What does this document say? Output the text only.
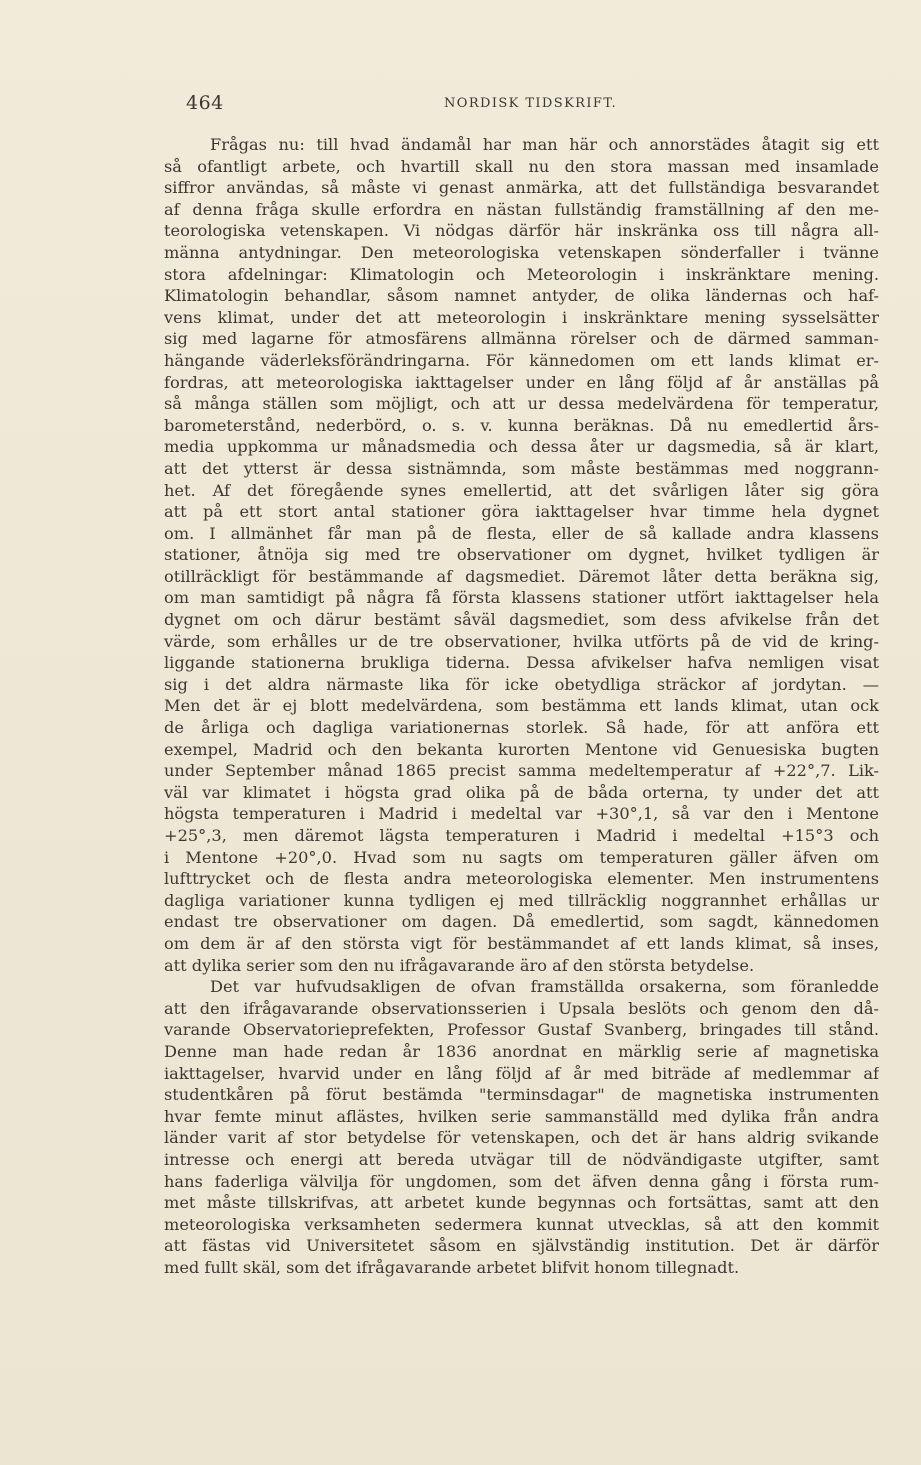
464	NORDISK TIDSKRIFT.
Frågas nu: till hvad ändamål har man här och annorstädes åtagit sig ett
så ofantligt arbete, och hvartill skall nu den stora massan med insamlade
siffror användas, så måste vi genast anmärka, att det fullständiga besvarandet
af denna fråga skulle erfordra en nästan fullständig framställning af den me-
teorologiska vetenskapen. Vi nödgas därför här inskränka oss till några all-
männa antydningar. Den meteorologiska vetenskapen sönderfaller i tvänne
stora afdelningar: Klimatologin och Meteorologin i inskränktare mening.
Klimatologin behandlar, såsom namnet antyder, de olika ländernas och haf-
vens klimat, under det att meteorologin i inskränktare mening sysselsätter
sig med lagarne för atmosfärens allmänna rörelser och de därmed samman-
hängande väderleksförändringarna. För kännedomen om ett lands klimat er-
fordras, att meteorologiska iakttagelser under en lång följd af år anställas på
så många ställen som möjligt, och att ur dessa medelvärdena för temperatur,
barometerstånd, nederbörd, o. s. v. kunna beräknas. Då nu emedlertid års-
media uppkomma ur månadsmedia och dessa åter ur dagsmedia, så är klart,
att det ytterst är dessa sistnämnda, som måste bestämmas med noggrann-
het. Af det föregående synes emellertid, att det svårligen låter sig göra
att på ett stort antal stationer göra iakttagelser hvar timme hela dygnet
om. I allmänhet får man på de flesta, eller de så kallade andra klassens
stationer, åtnöja sig med tre observationer om dygnet, hvilket tydligen är
otillräckligt för bestämmande af dagsmediet. Däremot låter detta beräkna sig,
om man samtidigt på några få första klassens stationer utfört iakttagelser hela
dygnet om och därur bestämt såväl dagsmediet, som dess afvikelse från det
värde, som erhålles ur de tre observationer, hvilka utförts på de vid de kring-
liggande stationerna brukliga tiderna. Dessa afvikelser hafva nemligen visat
sig i det aldra närmaste lika för icke obetydliga sträckor af jordytan. —
Men det är ej blott medelvärdena, som bestämma ett lands klimat, utan ock
de årliga och dagliga variationernas storlek. Så hade, för att anföra ett
exempel, Madrid och den bekanta kurorten Mentone vid Genuesiska bugten
under September månad 1865 precist samma medeltemperatur af +22°,7. Lik-
väl var klimatet i högsta grad olika på de båda orterna, ty under det att
högsta temperaturen i Madrid i medeltal var +30°,1, så var den i Mentone
+25°,3, men däremot lägsta temperaturen i Madrid i medeltal +15°3 och
i Mentone +20°,0. Hvad som nu sagts om temperaturen gäller äfven om
lufttrycket och de flesta andra meteorologiska elementer. Men instrumentens
dagliga variationer kunna tydligen ej med tillräcklig noggrannhet erhållas ur
endast tre observationer om dagen. Då emedlertid, som sagdt, kännedomen
om dem är af den största vigt för bestämmandet af ett lands klimat, så inses,
att dylika serier som den nu ifrågavarande äro af den största betydelse.
Det var hufvudsakligen de ofvan framställda orsakerna, som föranledde
att den ifrågavarande observationsserien i Upsala beslöts och genom den då-
varande Observatorieprefekten, Professor Gustaf Svanberg, bringades till stånd.
Denne man hade redan år 1836 anordnat en märklig serie af magnetiska
iakttagelser, hvarvid under en lång följd af år med biträde af medlemmar af
studentkåren på förut bestämda "terminsdagar" de magnetiska instrumenten
hvar femte minut aflästes, hvilken serie sammanställd med dylika från andra
länder varit af stor betydelse för vetenskapen, och det är hans aldrig svikande
intresse och energi att bereda utvägar till de nödvändigaste utgifter, samt
hans faderliga välvilja för ungdomen, som det äfven denna gång i första rum-
met måste tillskrifvas, att arbetet kunde begynnas och fortsättas, samt att den
meteorologiska verksamheten sedermera kunnat utvecklas, så att den kommit
att fästas vid Universitetet såsom en självständig institution. Det är därför
med fullt skäl, som det ifrågavarande arbetet blifvit honom tillegnadt.
